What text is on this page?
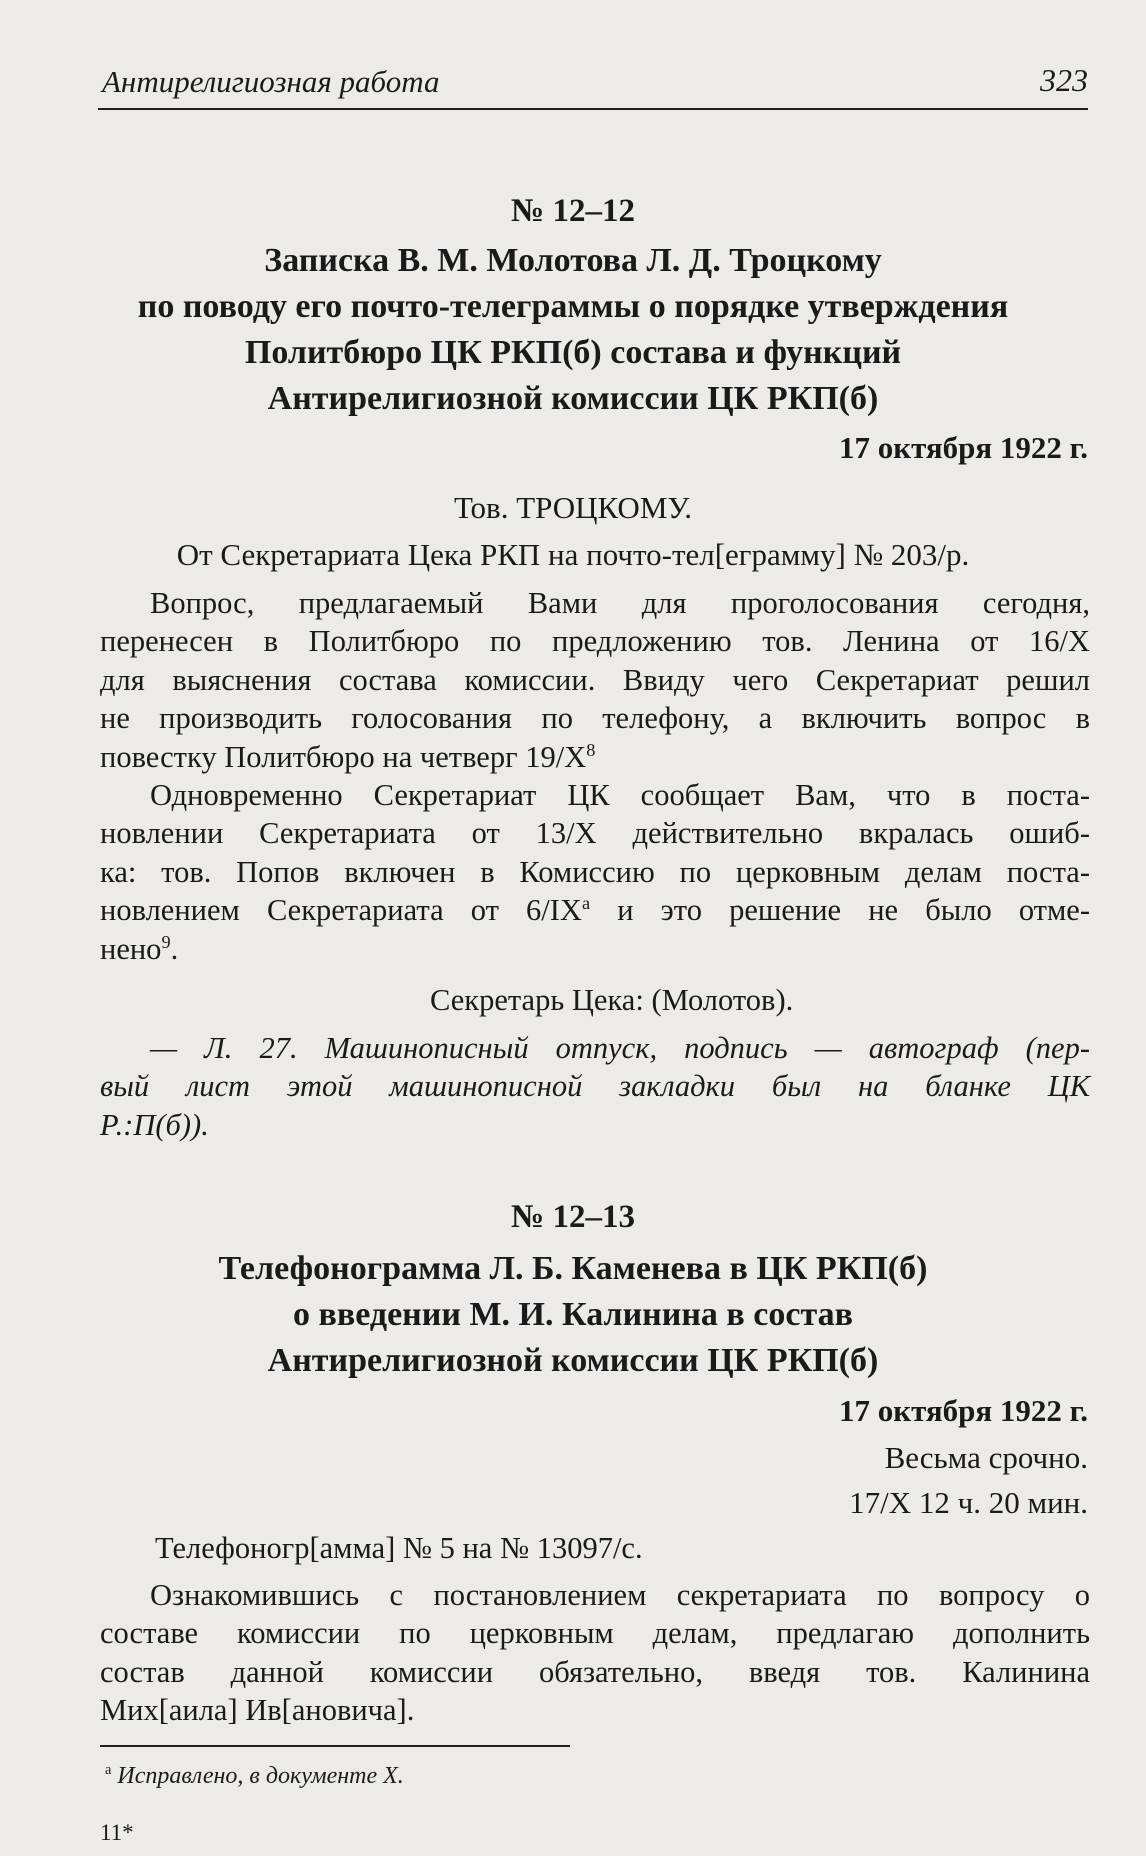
Антирелигиозная работа	323
№ 12–12
Записка В. М. Молотова Л. Д. Троцкому
по поводу его почто-телеграммы о порядке утверждения
Политбюро ЦК РКП(б) состава и функций
Антирелигиозной комиссии ЦК РКП(б)
17 октября 1922 г.
Тов. ТРОЦКОМУ.
От Секретариата Цека РКП на почто-тел[еграмму] № 203/р.
Вопрос, предлагаемый Вами для проголосования сегодня,
перенесен в Политбюро по предложению тов. Ленина от 16/X
для выяснения состава комиссии. Ввиду чего Секретариат решил
не производить голосования по телефону, а включить вопрос в
повестку Политбюро на четверг $19/X^8$
Одновременно Секретариат ЦК сообщает Вам, что в поста-
новлении Секретариата от 13/X действительно вкралась ошиб-
ка: тов. Попов включен в Комиссию по церковным делам поста-
новлением Секретариата от $6/IX^а$ и это решение не было отме-
нено$^9$.
Секретарь Цека: (Молотов).
— Л. 27. Машинописный отпуск, подпись — автограф (пер-
вый лист этой машинописной закладки был на бланке ЦК
Р.:П(б)).
№ 12–13
Телефонограмма Л. Б. Каменева в ЦК РКП(б)
о введении М. И. Калинина в состав
Антирелигиозной комиссии ЦК РКП(б)
17 октября 1922 г.
Весьма срочно.
17/X 12 ч. 20 мин.
Телефоногр[амма] № 5 на № 13097/с.
Ознакомившись с постановлением секретариата по вопросу о
составе комиссии по церковным делам, предлагаю дополнить
состав данной комиссии обязательно, введя тов. Калинина
Мих[аила] Ив[ановича].
$^а$ Исправлено, в документе X.
11*
